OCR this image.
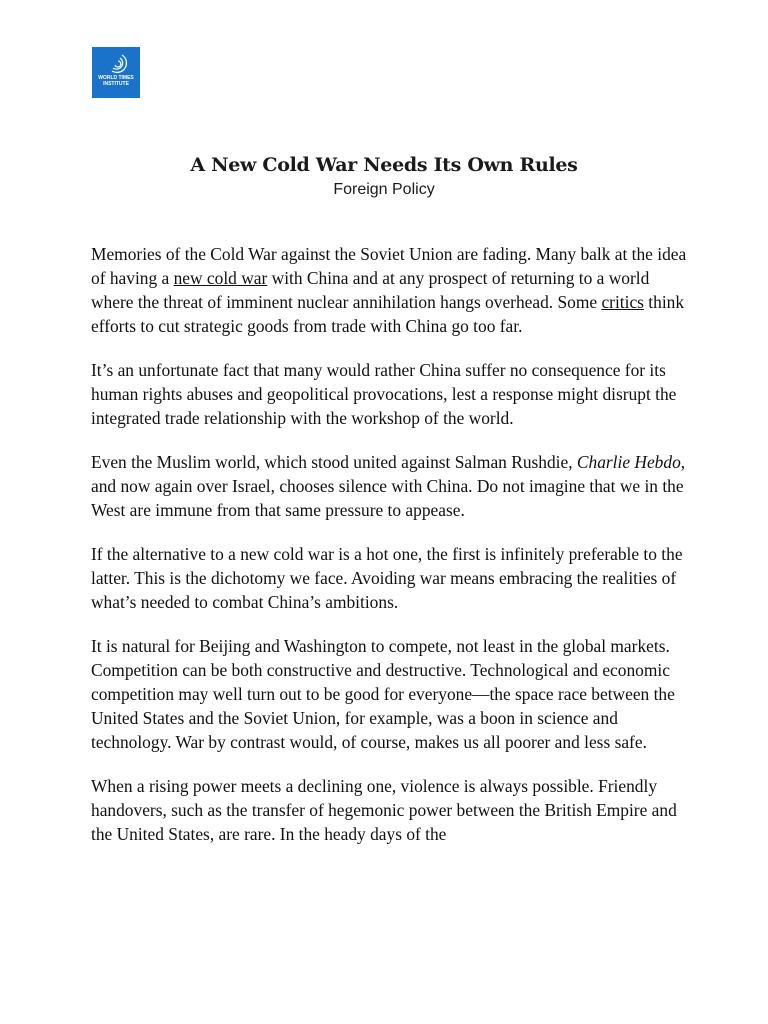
WORLD TIMES
INSTITUTE
A New Cold War Needs Its Own Rules
Foreign Policy

Memories of the Cold War against the Soviet Union are fading. Many balk at the idea of having a new cold war with China and at any prospect of returning to a world where the threat of imminent nuclear annihilation hangs overhead. Some critics think efforts to cut strategic goods from trade with China go too far.

It’s an unfortunate fact that many would rather China suffer no consequence for its human rights abuses and geopolitical provocations, lest a response might disrupt the integrated trade relationship with the workshop of the world.

Even the Muslim world, which stood united against Salman Rushdie, Charlie Hebdo, and now again over Israel, chooses silence with China. Do not imagine that we in the West are immune from that same pressure to appease.

If the alternative to a new cold war is a hot one, the first is infinitely preferable to the latter. This is the dichotomy we face. Avoiding war means embracing the realities of what’s needed to combat China’s ambitions.

It is natural for Beijing and Washington to compete, not least in the global markets. Competition can be both constructive and destructive. Technological and economic competition may well turn out to be good for everyone—the space race between the United States and the Soviet Union, for example, was a boon in science and technology. War by contrast would, of course, makes us all poorer and less safe.

When a rising power meets a declining one, violence is always possible. Friendly handovers, such as the transfer of hegemonic power between the British Empire and the United States, are rare. In the heady days of the
